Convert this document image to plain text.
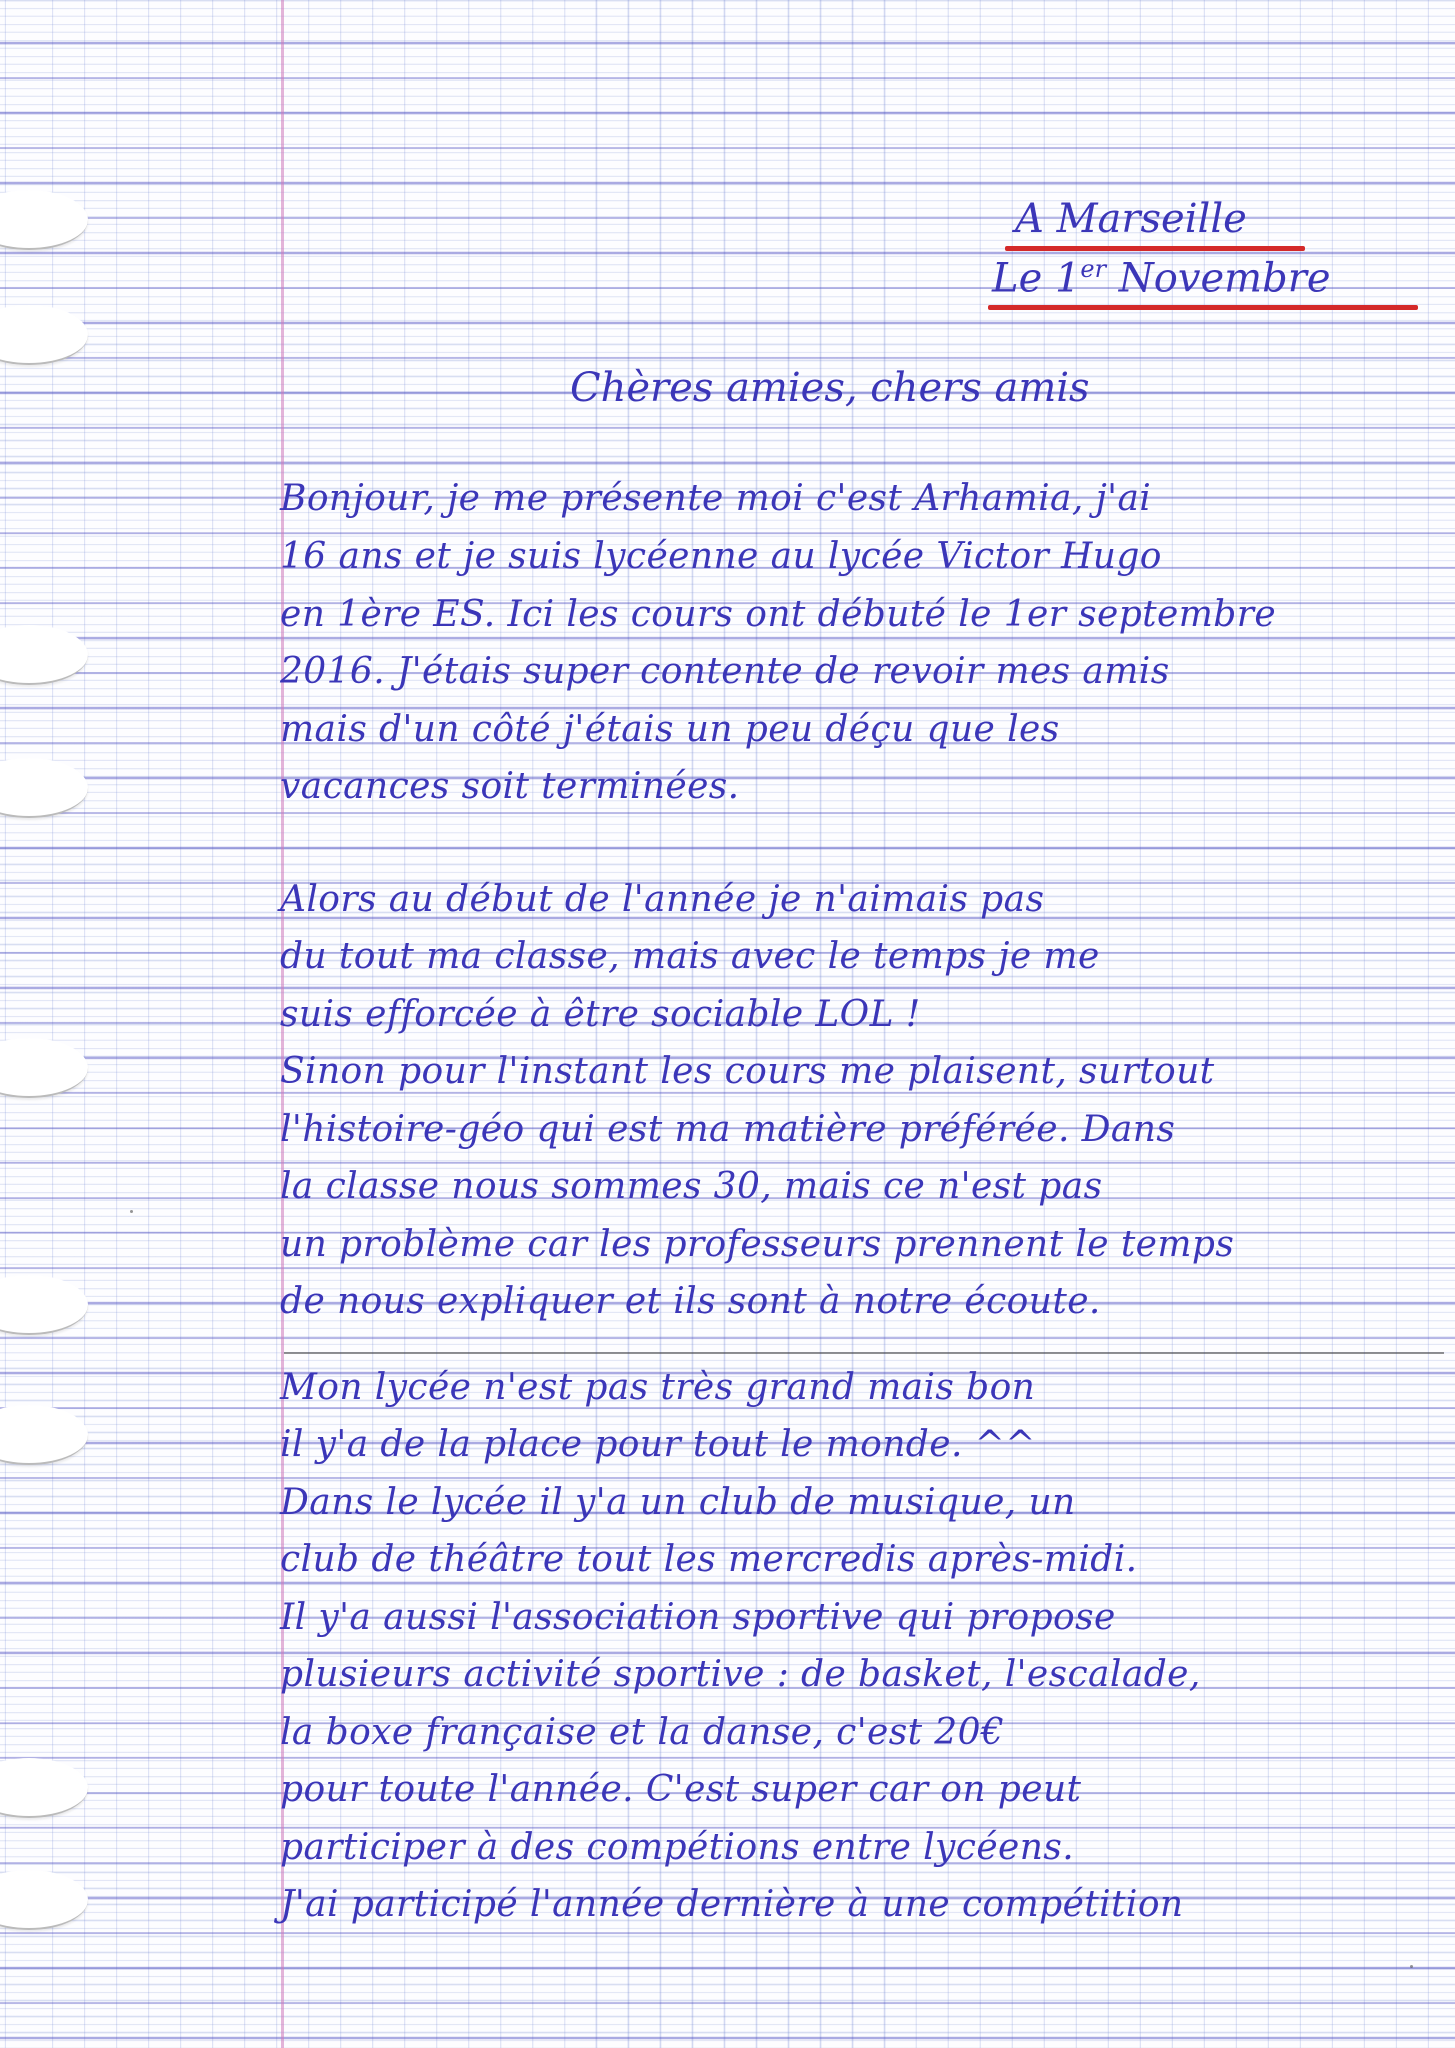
A Marseille
Le 1er Novembre
Chères amies, chers amis
Bonjour, je me présente moi c'est Arhamia, j'ai
16 ans et je suis lycéenne au lycée Victor Hugo
en 1ère ES. Ici les cours ont débuté le 1er septembre
2016. J'étais super contente de revoir mes amis
mais d'un côté j'étais un peu déçu que les
vacances soit terminées.
Alors au début de l'année je n'aimais pas
du tout ma classe, mais avec le temps je me
suis efforcée à être sociable LOL !
Sinon pour l'instant les cours me plaisent, surtout
l'histoire-géo qui est ma matière préférée. Dans
la classe nous sommes 30, mais ce n'est pas
un problème car les professeurs prennent le temps
de nous expliquer et ils sont à notre écoute.
Mon lycée n'est pas très grand mais bon
il y'a de la place pour tout le monde. ^^
Dans le lycée il y'a un club de musique, un
club de théâtre tout les mercredis après-midi.
Il y'a aussi l'association sportive qui propose
plusieurs activité sportive : de basket, l'escalade,
la boxe française et la danse, c'est 20€
pour toute l'année. C'est super car on peut
participer à des compétions entre lycéens.
J'ai participé l'année dernière à une compétition
